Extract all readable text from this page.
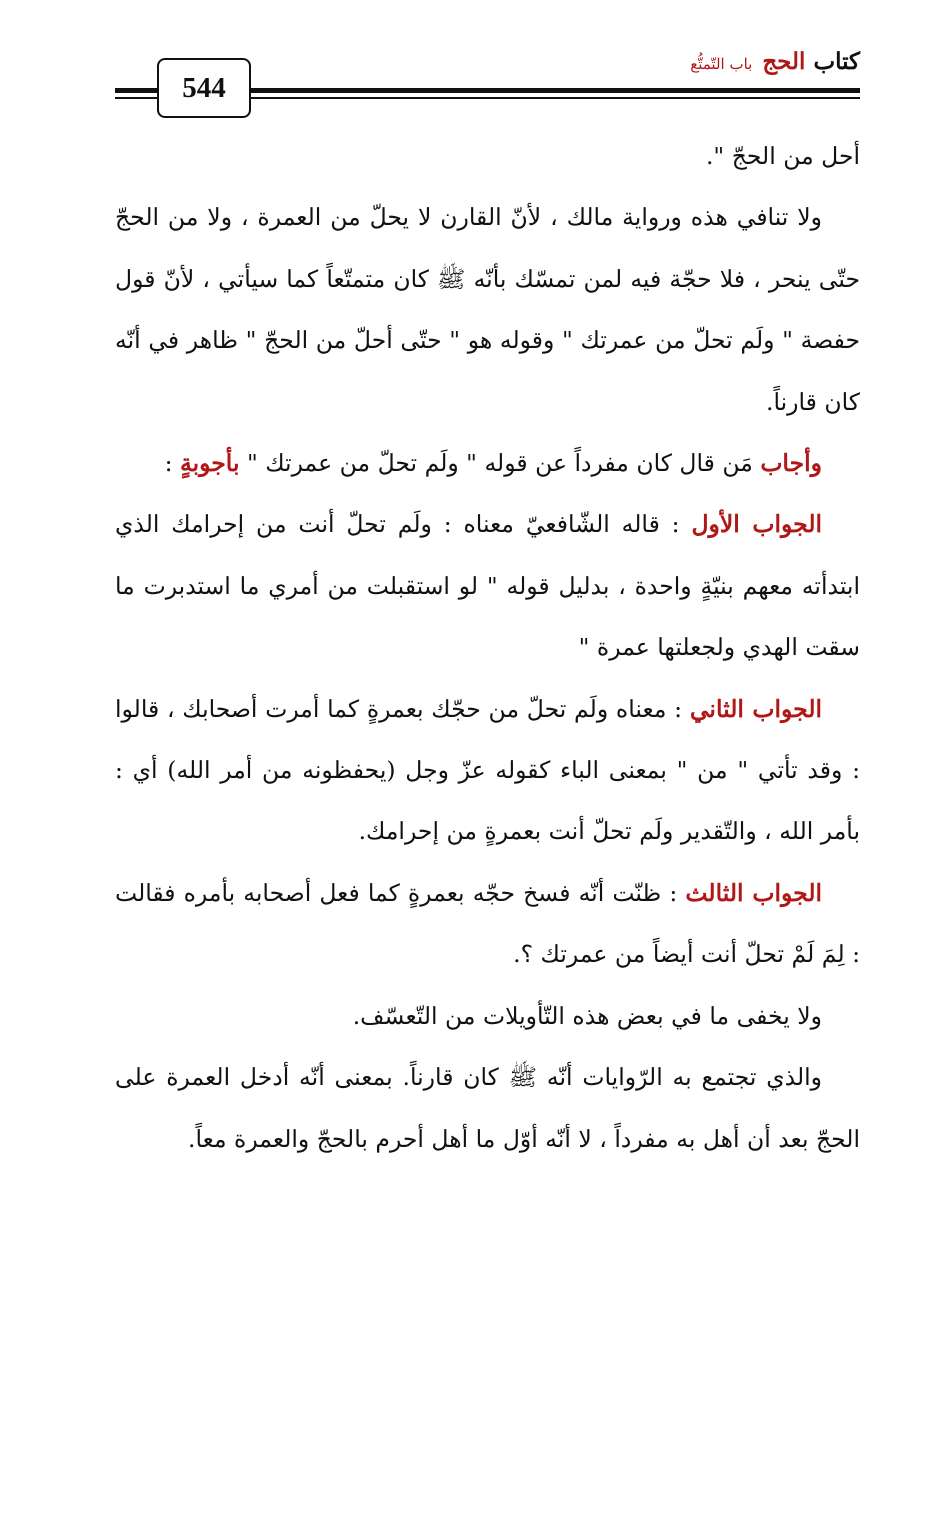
كتاب الحج
باب التّمتُّع
544

أحل من الحجّ ".

ولا تنافي هذه ورواية مالك ، لأنّ القارن لا يحلّ من العمرة ، ولا من الحجّ حتّى ينحر ، فلا حجّة فيه لمن تمسّك بأنّه ﷺ كان متمتّعاً كما سيأتي ، لأنّ قول حفصة " ولَم تحلّ من عمرتك " وقوله هو " حتّى أحلّ من الحجّ " ظاهر في أنّه كان قارناً.

وأجاب مَن قال كان مفرداً عن قوله " ولَم تحلّ من عمرتك " بأجوبةٍ :

الجواب الأول : قاله الشّافعيّ معناه : ولَم تحلّ أنت من إحرامك الذي ابتدأته معهم بنيّةٍ واحدة ، بدليل قوله " لو استقبلت من أمري ما استدبرت ما سقت الهدي ولجعلتها عمرة "

الجواب الثاني : معناه ولَم تحلّ من حجّك بعمرةٍ كما أمرت أصحابك ، قالوا : وقد تأتي " من " بمعنى الباء كقوله عزّ وجل (يحفظونه من أمر الله) أي : بأمر الله ، والتّقدير ولَم تحلّ أنت بعمرةٍ من إحرامك.

الجواب الثالث : ظنّت أنّه فسخ حجّه بعمرةٍ كما فعل أصحابه بأمره فقالت : لِمَ لَمْ تحلّ أنت أيضاً من عمرتك ؟.

ولا يخفى ما في بعض هذه التّأويلات من التّعسّف.

والذي تجتمع به الرّوايات أنّه ﷺ كان قارناً. بمعنى أنّه أدخل العمرة على الحجّ بعد أن أهل به مفرداً ، لا أنّه أوّل ما أهل أحرم بالحجّ والعمرة معاً.
